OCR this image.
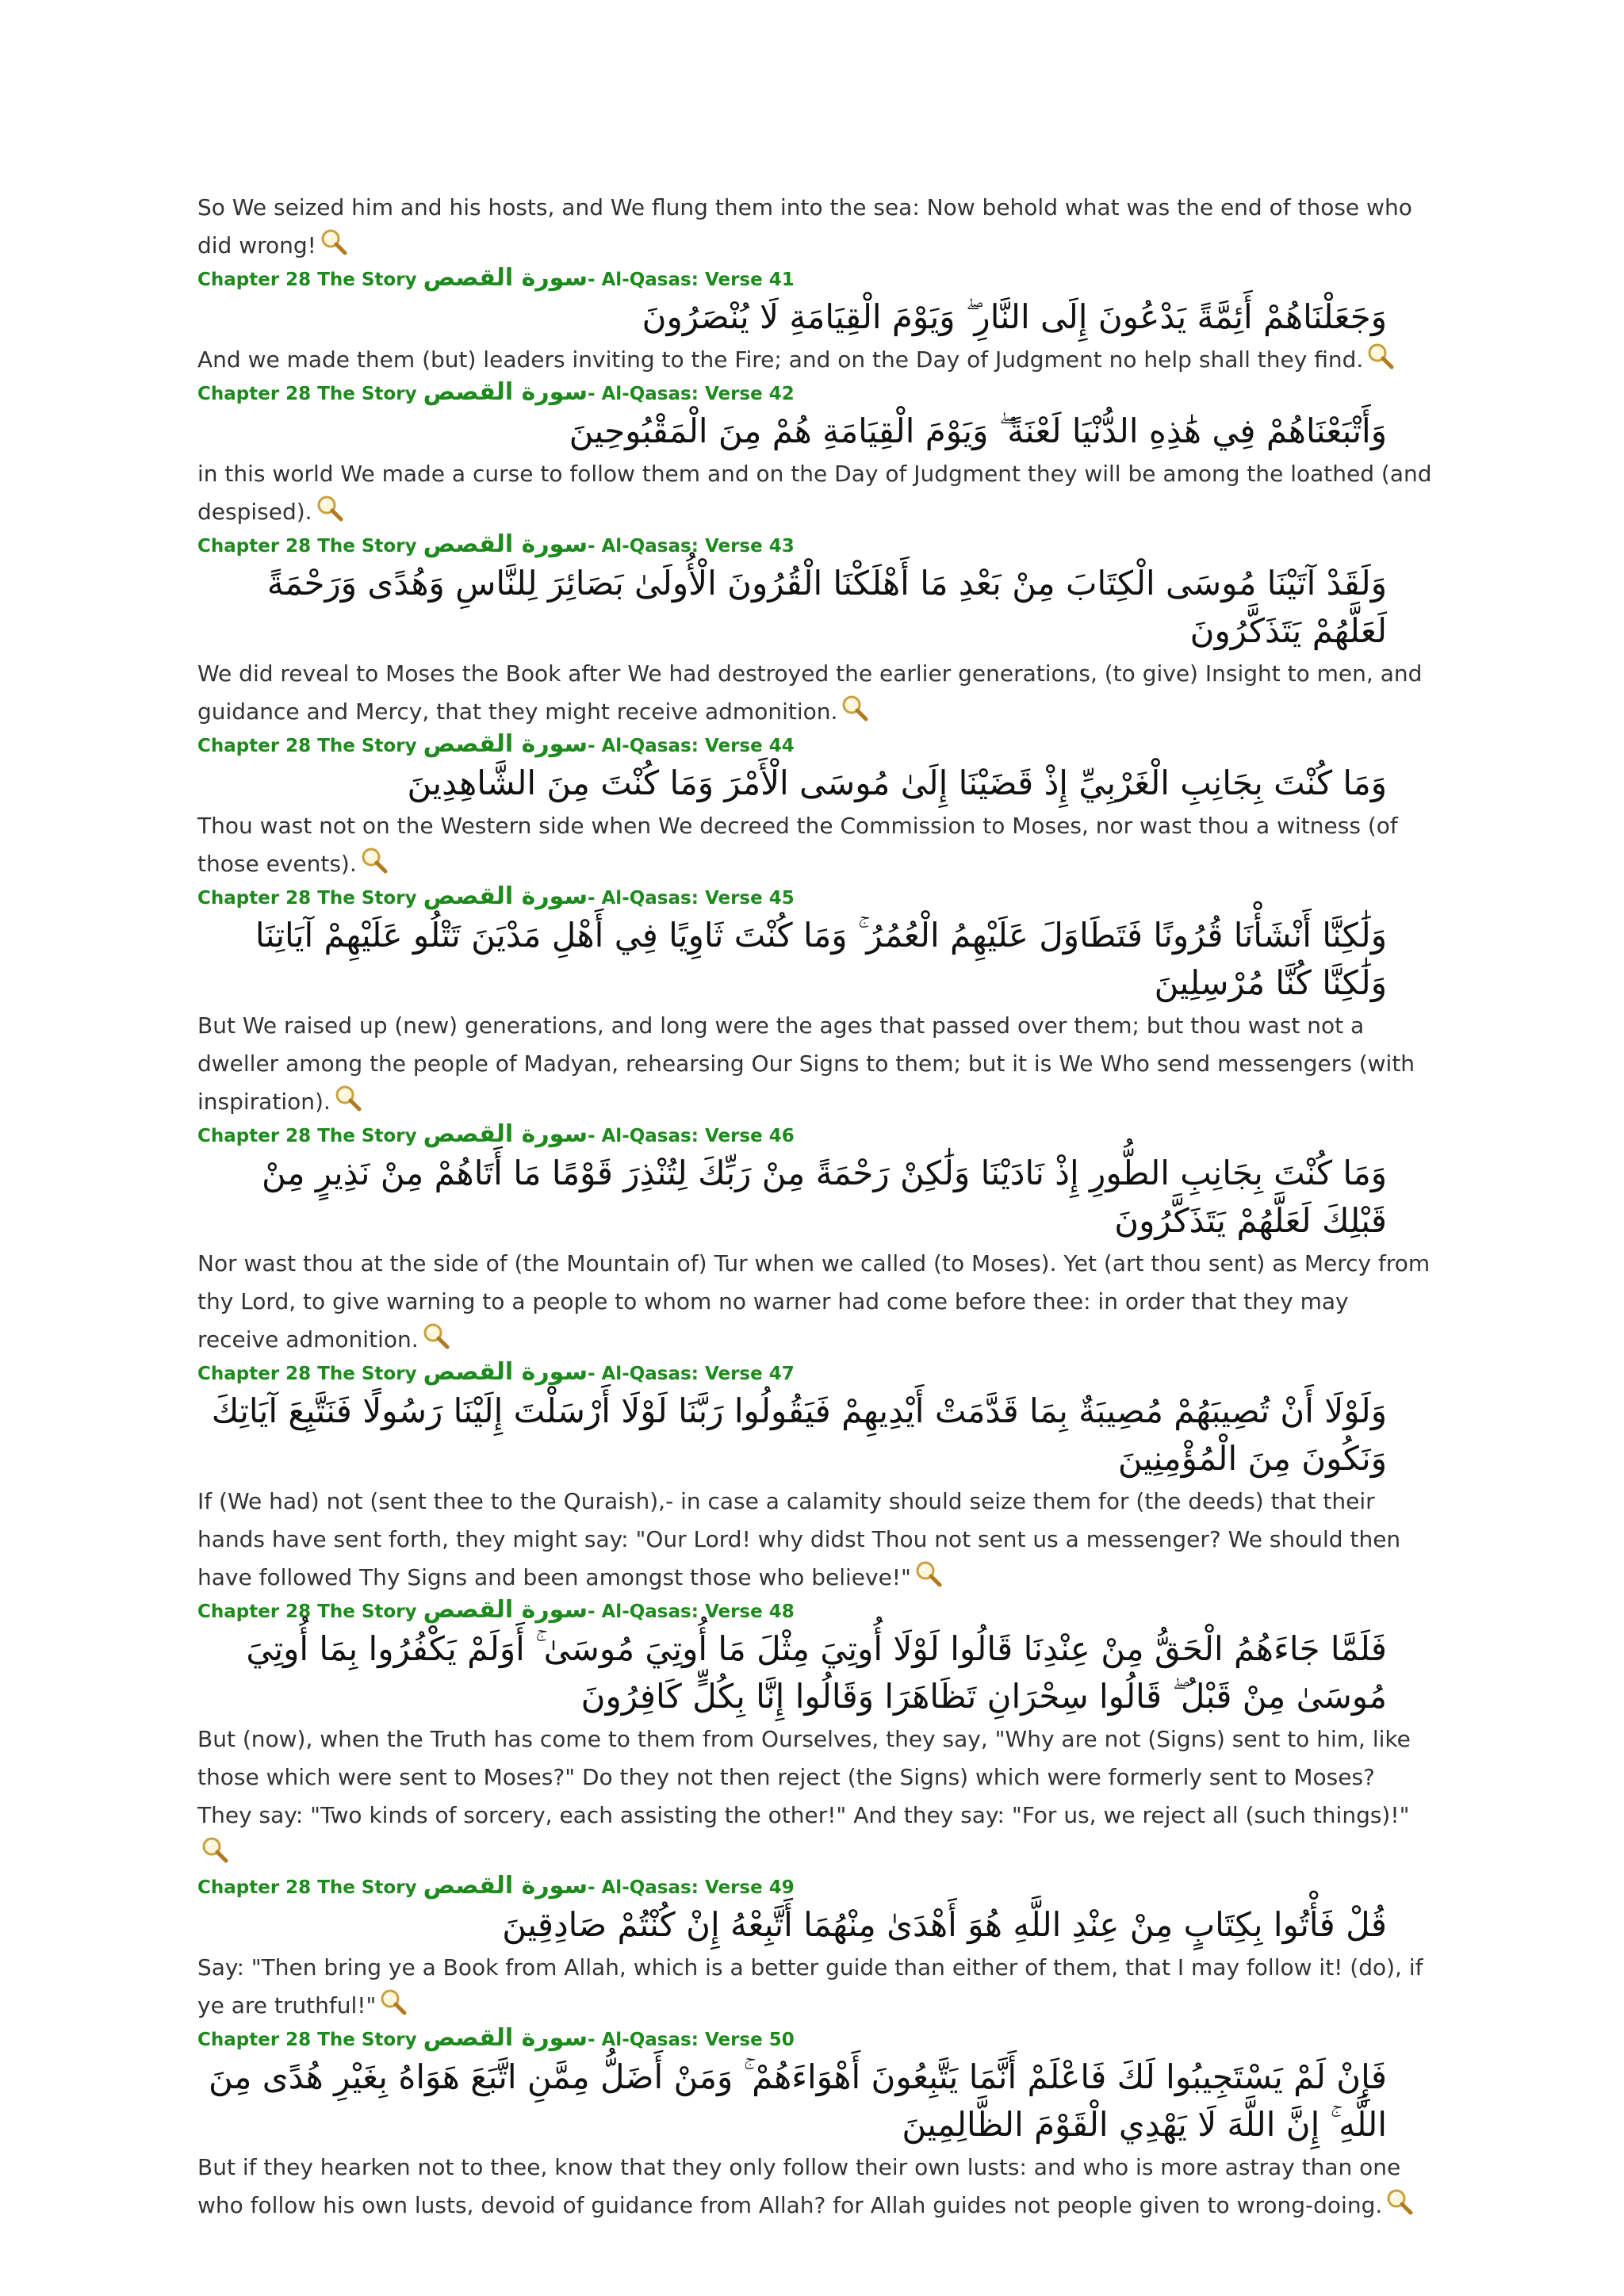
So We seized him and his hosts, and We flung them into the sea: Now behold what was the end of those who did wrong!

Chapter 28 The Story سورة القصص- Al-Qasas: Verse 41

وَجَعَلْنَاهُمْ أَئِمَّةً يَدْعُونَ إِلَى النَّارِ ۖ وَيَوْمَ الْقِيَامَةِ لَا يُنْصَرُونَ

And we made them (but) leaders inviting to the Fire; and on the Day of Judgment no help shall they find.

Chapter 28 The Story سورة القصص- Al-Qasas: Verse 42

وَأَتْبَعْنَاهُمْ فِي هَٰذِهِ الدُّنْيَا لَعْنَةً ۖ وَيَوْمَ الْقِيَامَةِ هُمْ مِنَ الْمَقْبُوحِينَ

in this world We made a curse to follow them and on the Day of Judgment they will be among the loathed (and despised).

Chapter 28 The Story سورة القصص- Al-Qasas: Verse 43

وَلَقَدْ آتَيْنَا مُوسَى الْكِتَابَ مِنْ بَعْدِ مَا أَهْلَكْنَا الْقُرُونَ الْأُولَىٰ بَصَائِرَ لِلنَّاسِ وَهُدًى وَرَحْمَةً لَعَلَّهُمْ يَتَذَكَّرُونَ

We did reveal to Moses the Book after We had destroyed the earlier generations, (to give) Insight to men, and guidance and Mercy, that they might receive admonition.

Chapter 28 The Story سورة القصص- Al-Qasas: Verse 44

وَمَا كُنْتَ بِجَانِبِ الْغَرْبِيِّ إِذْ قَضَيْنَا إِلَىٰ مُوسَى الْأَمْرَ وَمَا كُنْتَ مِنَ الشَّاهِدِينَ

Thou wast not on the Western side when We decreed the Commission to Moses, nor wast thou a witness (of those events).

Chapter 28 The Story سورة القصص- Al-Qasas: Verse 45

وَلَٰكِنَّا أَنْشَأْنَا قُرُونًا فَتَطَاوَلَ عَلَيْهِمُ الْعُمُرُ ۚ وَمَا كُنْتَ ثَاوِيًا فِي أَهْلِ مَدْيَنَ تَتْلُو عَلَيْهِمْ آيَاتِنَا وَلَٰكِنَّا كُنَّا مُرْسِلِينَ

But We raised up (new) generations, and long were the ages that passed over them; but thou wast not a dweller among the people of Madyan, rehearsing Our Signs to them; but it is We Who send messengers (with inspiration).

Chapter 28 The Story سورة القصص- Al-Qasas: Verse 46

وَمَا كُنْتَ بِجَانِبِ الطُّورِ إِذْ نَادَيْنَا وَلَٰكِنْ رَحْمَةً مِنْ رَبِّكَ لِتُنْذِرَ قَوْمًا مَا أَتَاهُمْ مِنْ نَذِيرٍ مِنْ قَبْلِكَ لَعَلَّهُمْ يَتَذَكَّرُونَ

Nor wast thou at the side of (the Mountain of) Tur when we called (to Moses). Yet (art thou sent) as Mercy from thy Lord, to give warning to a people to whom no warner had come before thee: in order that they may receive admonition.

Chapter 28 The Story سورة القصص- Al-Qasas: Verse 47

وَلَوْلَا أَنْ تُصِيبَهُمْ مُصِيبَةٌ بِمَا قَدَّمَتْ أَيْدِيهِمْ فَيَقُولُوا رَبَّنَا لَوْلَا أَرْسَلْتَ إِلَيْنَا رَسُولًا فَنَتَّبِعَ آيَاتِكَ وَنَكُونَ مِنَ الْمُؤْمِنِينَ

If (We had) not (sent thee to the Quraish),- in case a calamity should seize them for (the deeds) that their hands have sent forth, they might say: "Our Lord! why didst Thou not sent us a messenger? We should then have followed Thy Signs and been amongst those who believe!"

Chapter 28 The Story سورة القصص- Al-Qasas: Verse 48

فَلَمَّا جَاءَهُمُ الْحَقُّ مِنْ عِنْدِنَا قَالُوا لَوْلَا أُوتِيَ مِثْلَ مَا أُوتِيَ مُوسَىٰ ۚ أَوَلَمْ يَكْفُرُوا بِمَا أُوتِيَ مُوسَىٰ مِنْ قَبْلُ ۖ قَالُوا سِحْرَانِ تَظَاهَرَا وَقَالُوا إِنَّا بِكُلٍّ كَافِرُونَ

But (now), when the Truth has come to them from Ourselves, they say, "Why are not (Signs) sent to him, like those which were sent to Moses?" Do they not then reject (the Signs) which were formerly sent to Moses? They say: "Two kinds of sorcery, each assisting the other!" And they say: "For us, we reject all (such things)!"

Chapter 28 The Story سورة القصص- Al-Qasas: Verse 49

قُلْ فَأْتُوا بِكِتَابٍ مِنْ عِنْدِ اللَّهِ هُوَ أَهْدَىٰ مِنْهُمَا أَتَّبِعْهُ إِنْ كُنْتُمْ صَادِقِينَ

Say: "Then bring ye a Book from Allah, which is a better guide than either of them, that I may follow it! (do), if ye are truthful!"

Chapter 28 The Story سورة القصص- Al-Qasas: Verse 50

فَإِنْ لَمْ يَسْتَجِيبُوا لَكَ فَاعْلَمْ أَنَّمَا يَتَّبِعُونَ أَهْوَاءَهُمْ ۚ وَمَنْ أَضَلُّ مِمَّنِ اتَّبَعَ هَوَاهُ بِغَيْرِ هُدًى مِنَ اللَّهِ ۚ إِنَّ اللَّهَ لَا يَهْدِي الْقَوْمَ الظَّالِمِينَ

But if they hearken not to thee, know that they only follow their own lusts: and who is more astray than one who follow his own lusts, devoid of guidance from Allah? for Allah guides not people given to wrong-doing.
